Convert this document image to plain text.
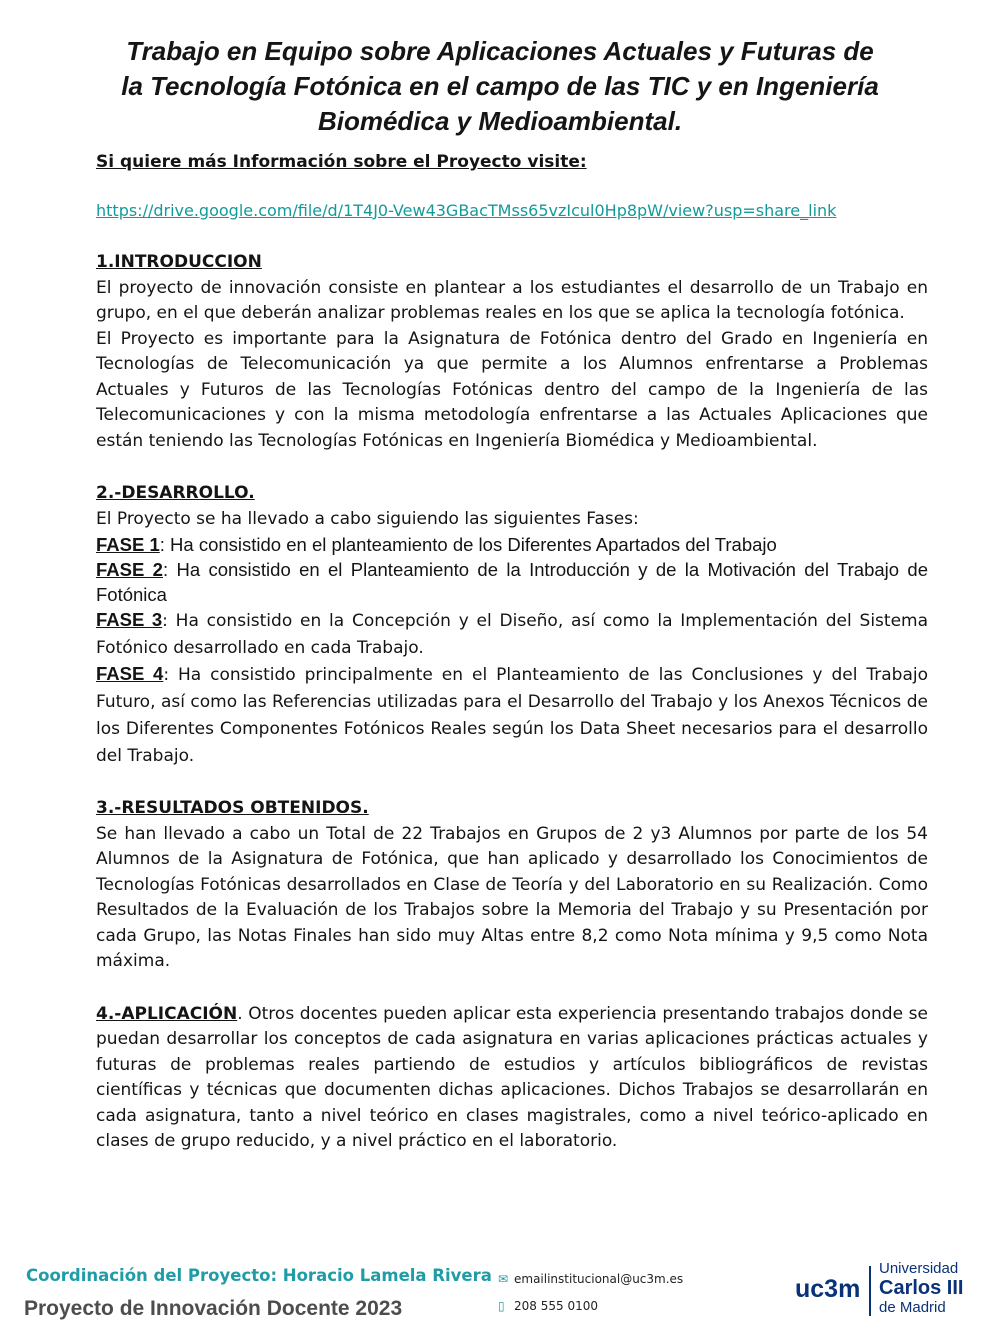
Trabajo en Equipo sobre Aplicaciones Actuales y Futuras de
la Tecnología Fotónica en el campo de las TIC y en Ingeniería
Biomédica y Medioambiental.

Si quiere más Información sobre el Proyecto visite:

https://drive.google.com/file/d/1T4J0-Vew43GBacTMss65vzIcul0Hp8pW/view?usp=share_link

1.INTRODUCCION

El proyecto de innovación consiste en plantear a los estudiantes el desarrollo de un Trabajo en grupo, en el que deberán analizar problemas reales en los que se aplica la tecnología fotónica.

El Proyecto es importante para la Asignatura de Fotónica dentro del Grado en Ingeniería en Tecnologías de Telecomunicación ya que permite a los Alumnos enfrentarse a Problemas Actuales y Futuros de las Tecnologías Fotónicas dentro del campo de la Ingeniería de las Telecomunicaciones y con la misma metodología enfrentarse a las Actuales Aplicaciones que están teniendo las Tecnologías Fotónicas en Ingeniería Biomédica y Medioambiental.

2.-DESARROLLO.

El Proyecto se ha llevado a cabo siguiendo las siguientes Fases:

FASE 1: Ha consistido en el planteamiento de los Diferentes Apartados del Trabajo

FASE 2: Ha consistido en el Planteamiento de la Introducción y de la Motivación del Trabajo de Fotónica

FASE 3: Ha consistido en la Concepción y el Diseño, así como la Implementación del Sistema Fotónico desarrollado en cada Trabajo.

FASE 4: Ha consistido principalmente en el Planteamiento de las Conclusiones y del Trabajo Futuro, así como las Referencias utilizadas para el Desarrollo del Trabajo y los Anexos Técnicos de los Diferentes Componentes Fotónicos Reales según los Data Sheet necesarios para el desarrollo del Trabajo.

3.-RESULTADOS OBTENIDOS.

Se han llevado a cabo un Total de 22 Trabajos en Grupos de 2 y3 Alumnos por parte de los 54 Alumnos de la Asignatura de Fotónica, que han aplicado y desarrollado los Conocimientos de Tecnologías Fotónicas desarrollados en Clase de Teoría y del Laboratorio en su Realización. Como Resultados de la Evaluación de los Trabajos sobre la Memoria del Trabajo y su Presentación por cada Grupo, las Notas Finales han sido muy Altas entre 8,2 como Nota mínima y 9,5 como Nota máxima.

4.-APLICACIÓN. Otros docentes pueden aplicar esta experiencia presentando trabajos donde se puedan desarrollar los conceptos de cada asignatura en varias aplicaciones prácticas actuales y futuras de problemas reales partiendo de estudios y artículos bibliográficos de revistas científicas y técnicas que documenten dichas aplicaciones. Dichos Trabajos se desarrollarán en cada asignatura, tanto a nivel teórico en clases magistrales, como a nivel teórico-aplicado en clases de grupo reducido, y a nivel práctico en el laboratorio.

Coordinación del Proyecto: Horacio Lamela Rivera

Proyecto de Innovación Docente 2023

✉ emailinstitucional@uc3m.es
▯ 208 555 0100
uc3m
Universidad
Carlos III
de Madrid
